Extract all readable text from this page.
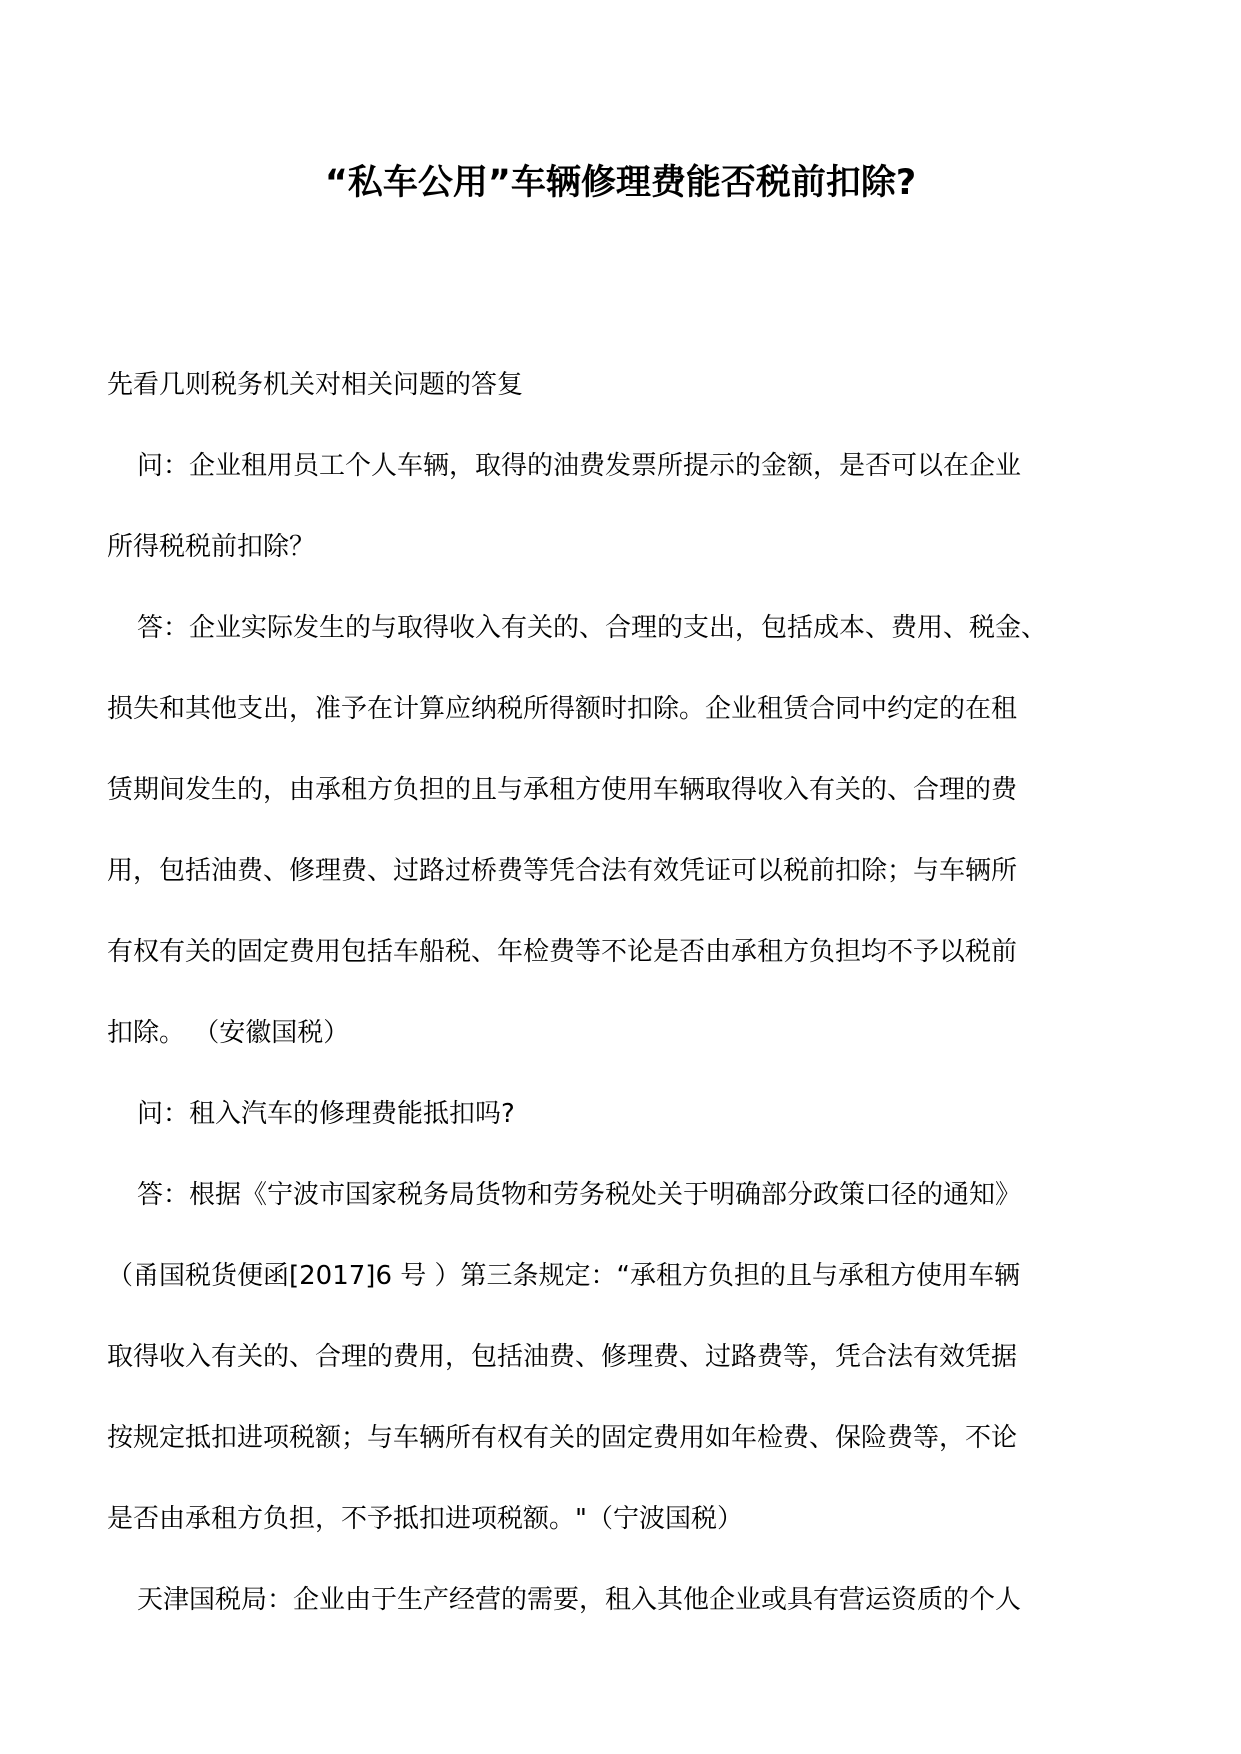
“私车公用”车辆修理费能否税前扣除?
先看几则税务机关对相关问题的答复
问：企业租用员工个人车辆，取得的油费发票所提示的金额，是否可以在企业
所得税税前扣除？
答：企业实际发生的与取得收入有关的、合理的支出，包括成本、费用、税金、
损失和其他支出，准予在计算应纳税所得额时扣除。企业租赁合同中约定的在租
赁期间发生的，由承租方负担的且与承租方使用车辆取得收入有关的、合理的费
用，包括油费、修理费、过路过桥费等凭合法有效凭证可以税前扣除；与车辆所
有权有关的固定费用包括车船税、年检费等不论是否由承租方负担均不予以税前
扣除。 （安徽国税）
问：租入汽车的修理费能抵扣吗?
答：根据《宁波市国家税务局货物和劳务税处关于明确部分政策口径的通知》
（甬国税货便函[2017]6 号 ）第三条规定：“承租方负担的且与承租方使用车辆
取得收入有关的、合理的费用，包括油费、修理费、过路费等，凭合法有效凭据
按规定抵扣进项税额；与车辆所有权有关的固定费用如年检费、保险费等，不论
是否由承租方负担，不予抵扣进项税额。"（宁波国税）
天津国税局：企业由于生产经营的需要，租入其他企业或具有营运资质的个人
